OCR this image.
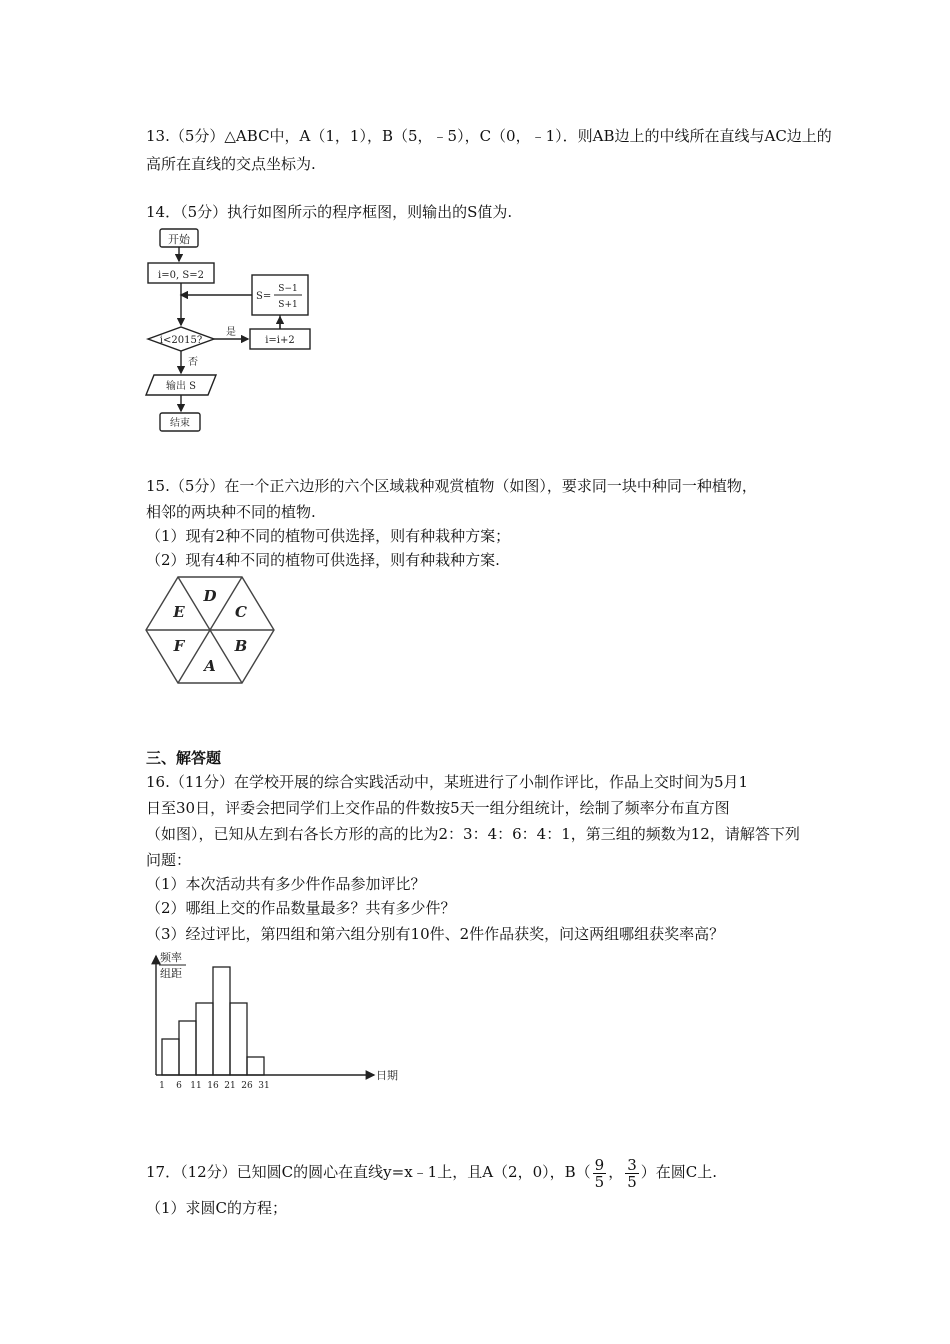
13.（5分）△ABC中，A（1，1），B（5，﹣5），C（0，﹣1）．则AB边上的中线所在直线与AC边上的
高所在直线的交点坐标为.
14．（5分）执行如图所示的程序框图，则输出的S值为.
开始
i=0, S=2
S=
S−1
S+1
i<2015?
是
否
i=i+2
输出 S
结束
15.（5分）在一个正六边形的六个区域栽种观赏植物（如图），要求同一块中种同一种植物，
相邻的两块种不同的植物.
（1）现有2种不同的植物可供选择，则有种栽种方案；
（2）现有4种不同的植物可供选择，则有种栽种方案.
D
C
B
A
F
E
三、解答题
16.（11分）在学校开展的综合实践活动中，某班进行了小制作评比，作品上交时间为5月1
日至30日，评委会把同学们上交作品的件数按5天一组分组统计，绘制了频率分布直方图
（如图），已知从左到右各长方形的高的比为2：3：4：6：4：1，第三组的频数为12，请解答下列
问题：
（1）本次活动共有多少件作品参加评比？
（2）哪组上交的作品数量最多？共有多少件？
（3）经过评比，第四组和第六组分别有10件、2件作品获奖，问这两组哪组获奖率高？
频率
组距
日期
1 6 11 16 21 26 31
17．（12分）已知圆C的圆心在直线y=x﹣1上，且A（2，0），$B( \frac{9}{5}$ ， $\frac{3}{5}$ ）在圆C上.
（1）求圆C的方程；
